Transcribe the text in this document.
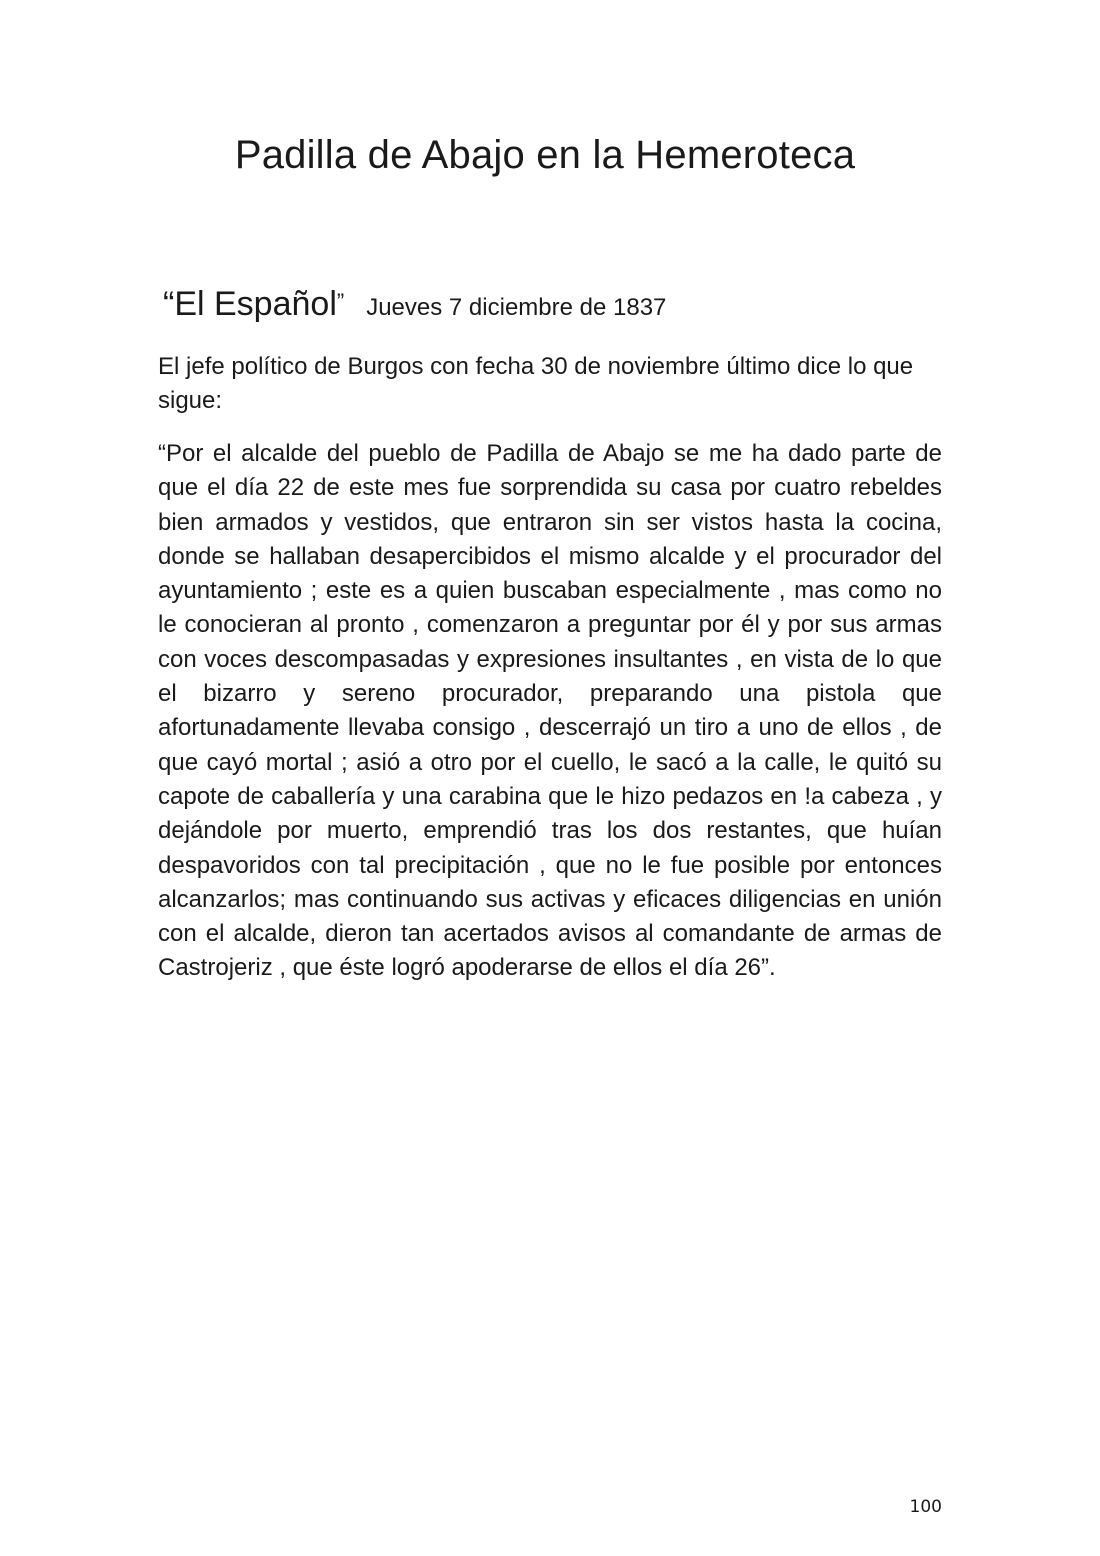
Padilla de Abajo en la Hemeroteca
“El Español” Jueves 7 diciembre de 1837

El jefe político de Burgos con fecha 30 de noviembre último dice lo que sigue:

“Por el alcalde del pueblo de Padilla de Abajo se me ha dado parte de que el día 22 de este mes fue sorprendida su casa por cuatro rebeldes bien armados y vestidos, que entraron sin ser vistos hasta la cocina, donde se hallaban desapercibidos el mismo alcalde y el procurador del ayuntamiento ; este es a quien buscaban especialmente , mas como no le conocieran al pronto , comenzaron a preguntar por él y por sus armas con voces descompasadas y expresiones insultantes , en vista de lo que el bizarro y sereno procurador, preparando una pistola que afortunadamente llevaba consigo , descerrajó un tiro a uno de ellos , de que cayó mortal ; asió a otro por el cuello, le sacó a la calle, le quitó su capote de caballería y una carabina que le hizo pedazos en !a cabeza , y dejándole por muerto, emprendió tras los dos restantes, que huían despavoridos con tal precipitación , que no le fue posible por entonces alcanzarlos; mas continuando sus activas y eficaces diligencias en unión con el alcalde, dieron tan acertados avisos al comandante de armas de Castrojeriz , que éste logró apoderarse de ellos el día 26”.

100
